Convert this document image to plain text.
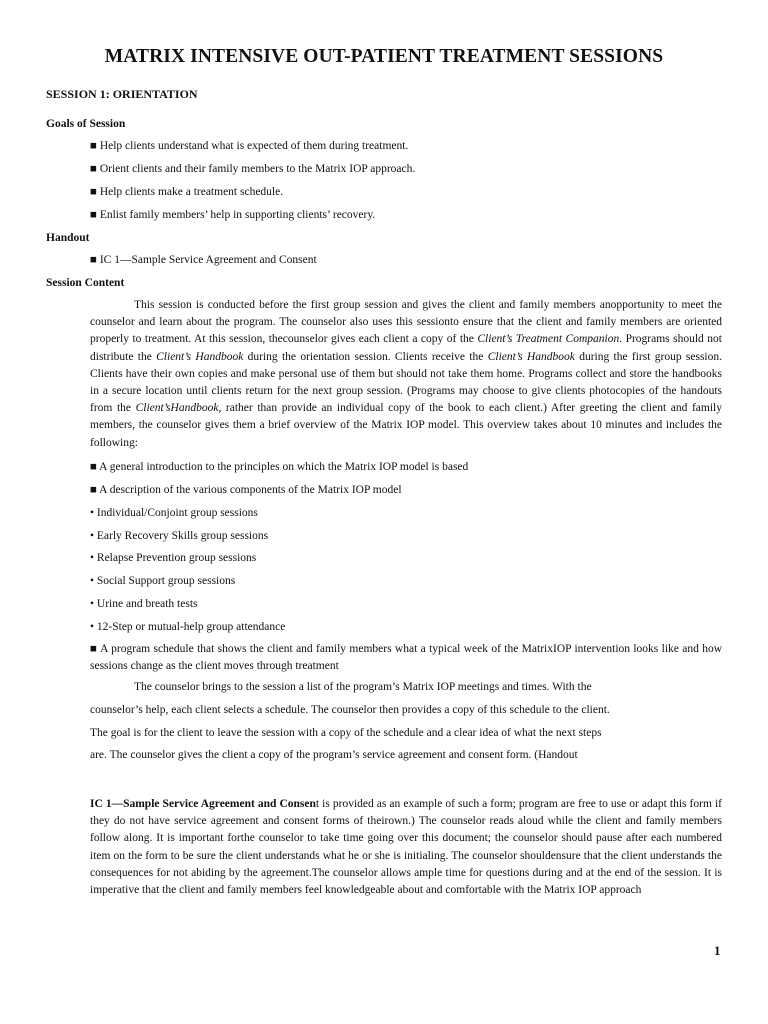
MATRIX INTENSIVE OUT-PATIENT TREATMENT SESSIONS
SESSION 1: ORIENTATION
Goals of Session
■ Help clients understand what is expected of them during treatment.
■ Orient clients and their family members to the Matrix IOP approach.
■ Help clients make a treatment schedule.
■ Enlist family members’ help in supporting clients’ recovery.
Handout
■ IC 1—Sample Service Agreement and Consent
Session Content
This session is conducted before the first group session and gives the client and family members anopportunity to meet the counselor and learn about the program. The counselor also uses this sessionto ensure that the client and family members are oriented properly to treatment. At this session, thecounselor gives each client a copy of the Client’s Treatment Companion. Programs should not distribute the Client’s Handbook during the orientation session. Clients receive the Client’s Handbook during the first group session. Clients have their own copies and make personal use of them but should not take them home. Programs collect and store the handbooks in a secure location until clients return for the next group session. (Programs may choose to give clients photocopies of the handouts from the Client’sHandbook, rather than provide an individual copy of the book to each client.) After greeting the client and family members, the counselor gives them a brief overview of the Matrix IOP model. This overview takes about 10 minutes and includes the following:
■ A general introduction to the principles on which the Matrix IOP model is based
■ A description of the various components of the Matrix IOP model
• Individual/Conjoint group sessions
• Early Recovery Skills group sessions
• Relapse Prevention group sessions
• Social Support group sessions
• Urine and breath tests
• 12-Step or mutual-help group attendance
■ A program schedule that shows the client and family members what a typical week of the MatrixIOP intervention looks like and how sessions change as the client moves through treatment
The counselor brings to the session a list of the program’s Matrix IOP meetings and times. With the
counselor’s help, each client selects a schedule. The counselor then provides a copy of this schedule to the client.
The goal is for the client to leave the session with a copy of the schedule and a clear idea of what the next steps
are. The counselor gives the client a copy of the program’s service agreement and consent form. (Handout
IC 1—Sample Service Agreement and Consent is provided as an example of such a form; program are free to use or adapt this form if they do not have service agreement and consent forms of theirown.) The counselor reads aloud while the client and family members follow along. It is important forthe counselor to take time going over this document; the counselor should pause after each numbered item on the form to be sure the client understands what he or she is initialing. The counselor shouldensure that the client understands the consequences for not abiding by the agreement.The counselor allows ample time for questions during and at the end of the session. It is imperative that the client and family members feel knowledgeable about and comfortable with the Matrix IOP approach
1
